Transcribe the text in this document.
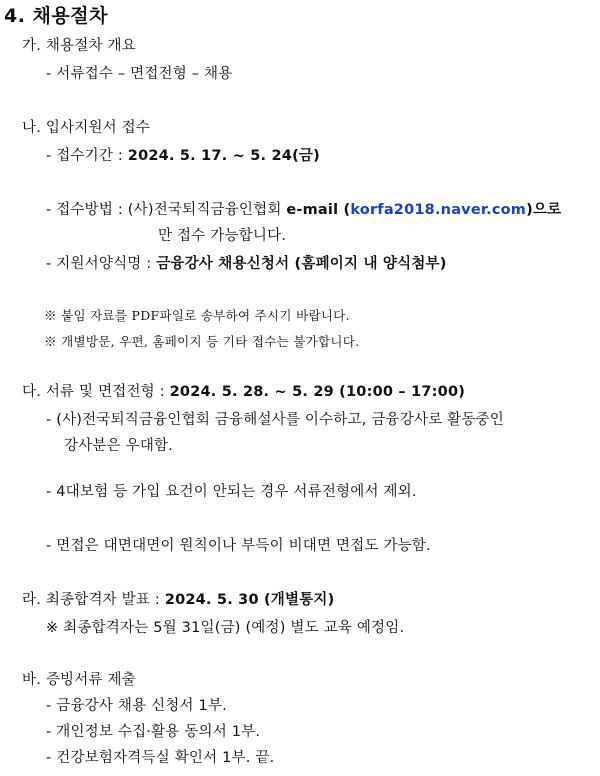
4. 채용절차
가. 채용절차 개요
- 서류접수 – 면접전형 – 채용
나. 입사지원서 접수
- 접수기간 : 2024. 5. 17. ~ 5. 24(금)
- 접수방법 : (사)전국퇴직금융인협회 e-mail (korfa2018.naver.com)으로
만 접수 가능합니다.
- 지원서양식명 : 금융강사 채용신청서 (홈페이지 내 양식첨부)
※ 붙임 자료를 PDF파일로 송부하여 주시기 바랍니다.
※ 개별방문, 우편, 홈페이지 등 기타 접수는 불가합니다.
다. 서류 및 면접전형 : 2024. 5. 28. ~ 5. 29 (10:00 – 17:00)
- (사)전국퇴직금융인협회 금융해설사를 이수하고, 금융강사로 활동중인
강사분은 우대함.
- 4대보험 등 가입 요건이 안되는 경우 서류전형에서 제외.
- 면접은 대면대면이 원칙이나 부득이 비대면 면접도 가능함.
라. 최종합격자 발표 : 2024. 5. 30 (개별통지)
※ 최종합격자는 5월 31일(금) (예정) 별도 교육 예정임.
바. 증빙서류 제출
- 금융강사 채용 신청서 1부.
- 개인정보 수집·활용 동의서 1부.
- 건강보험자격득실 확인서 1부. 끝.
